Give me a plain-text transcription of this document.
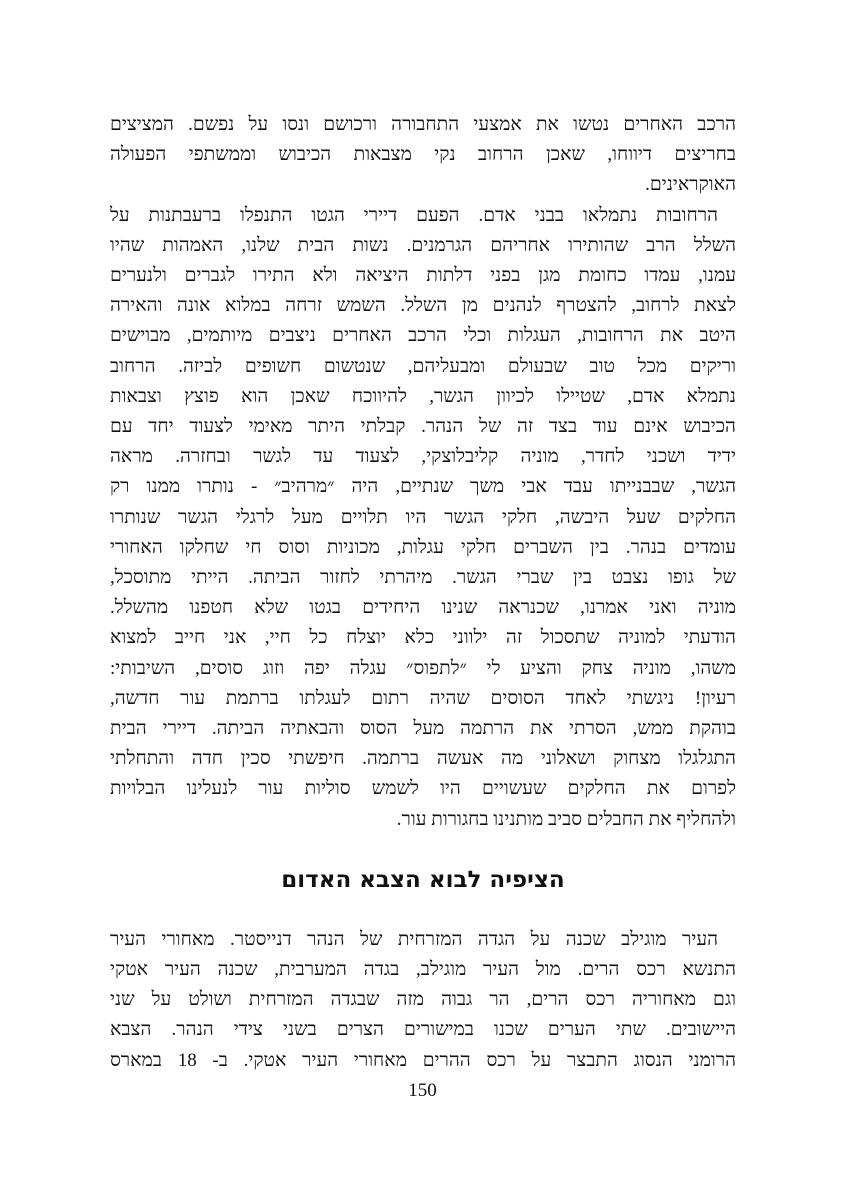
הרכב האחרים נטשו את אמצעי התחבורה ורכושם ונסו על נפשם. המציצים
בחריצים דיווחו, שאכן הרחוב נקי מצבאות הכיבוש וממשתפי הפעולה
האוקראינים.
הרחובות נתמלאו בבני אדם. הפעם דיירי הגטו התנפלו ברעבתנות על
השלל הרב שהותירו אחריהם הגרמנים. נשות הבית שלנו, האמהות שהיו
עמנו, עמדו כחומת מגן בפני דלתות היציאה ולא התירו לגברים ולנערים
לצאת לרחוב, להצטרף לנהנים מן השלל. השמש זרחה במלוא אונה והאירה
היטב את הרחובות, העגלות וכלי הרכב האחרים ניצבים מיותמים, מבוישים
וריקים מכל טוב שבעולם ומבעליהם, שנטשום חשופים לביזה. הרחוב
נתמלא אדם, שטיילו לכיוון הגשר, להיווכח שאכן הוא פוצץ וצבאות
הכיבוש אינם עוד בצד זה של הנהר. קבלתי היתר מאימי לצעוד יחד עם
ידיד ושכני לחדר, מוניה קליבלוצקי, לצעוד עד לגשר ובחזרה. מראה
הגשר, שבבנייתו עבד אבי משך שנתיים, היה ״מרהיב״ - נותרו ממנו רק
החלקים שעל היבשה, חלקי הגשר היו תלויים מעל לרגלי הגשר שנותרו
עומדים בנהר. בין השברים חלקי עגלות, מכוניות וסוס חי שחלקו האחורי
של גופו נצבט בין שברי הגשר. מיהרתי לחזור הביתה. הייתי מתוסכל,
מוניה ואני אמרנו, שכנראה שנינו היחידים בגטו שלא חטפנו מהשלל.
הודעתי למוניה שתסכול זה ילווני כלא יוצלח כל חיי, אני חייב למצוא
משהו, מוניה צחק והציע לי ״לתפוס״ עגלה יפה וזוג סוסים, השיבותי:
רעיון! ניגשתי לאחד הסוסים שהיה רתום לעגלתו ברתמת עור חדשה,
בוהקת ממש, הסרתי את הרתמה מעל הסוס והבאתיה הביתה. דיירי הבית
התגלגלו מצחוק ושאלוני מה אעשה ברתמה. חיפשתי סכין חדה והתחלתי
לפרום את החלקים שעשויים היו לשמש סוליות עור לנעלינו הבלויות
ולהחליף את החבלים סביב מותנינו בחגורות עור.
הציפיה לבוא הצבא האדום
העיר מוגילב שכנה על הגדה המזרחית של הנהר דנייסטר. מאחורי העיר
התנשא רכס הרים. מול העיר מוגילב, בגדה המערבית, שכנה העיר אטקי
וגם מאחוריה רכס הרים, הר גבוה מזה שבגדה המזרחית ושולט על שני
היישובים. שתי הערים שכנו במישורים הצרים בשני צידי הנהר. הצבא
הרומני הנסוג התבצר על רכס ההרים מאחורי העיר אטקי. ב- 18 במארס
150
